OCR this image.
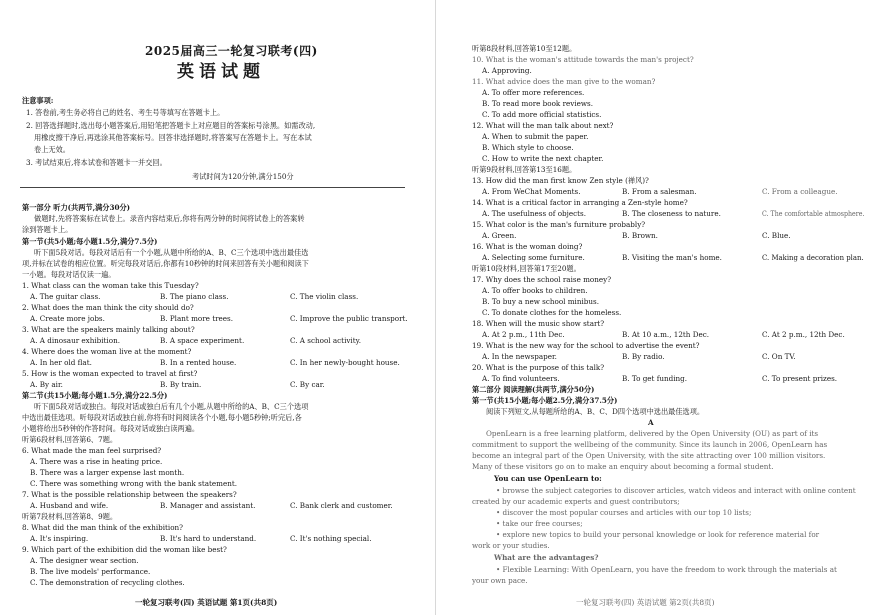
2025届高三一轮复习联考(四)
英语试题
注意事项:
1. 答卷前,考生务必将自己的姓名、考生号等填写在答题卡上。
2. 回答选择题时,选出每小题答案后,用铅笔把答题卡上对应题目的答案标号涂黑。如需改动,
用橡皮擦干净后,再选涂其他答案标号。回答非选择题时,将答案写在答题卡上。写在本试
卷上无效。
3. 考试结束后,将本试卷和答题卡一并交回。
考试时间为120分钟,满分150分
第一部分 听力(共两节,满分30分)
做题时,先将答案标在试卷上。录音内容结束后,你将有两分钟的时间将试卷上的答案转
涂到答题卡上。
第一节(共5小题;每小题1.5分,满分7.5分)
听下面5段对话。每段对话后有一个小题,从题中所给的A、B、C三个选项中选出最佳选
项,并标在试卷的相应位置。听完每段对话后,你都有10秒钟的时间来回答有关小题和阅读下
一小题。每段对话仅读一遍。
1. What class can the woman take this Tuesday?
A. The guitar class.	B. The piano class.	C. The violin class.
2. What does the man think the city should do?
A. Create more jobs.	B. Plant more trees.	C. Improve the public transport.
3. What are the speakers mainly talking about?
A. A dinosaur exhibition.	B. A space experiment.	C. A school activity.
4. Where does the woman live at the moment?
A. In her old flat.	B. In a rented house.	C. In her newly-bought house.
5. How is the woman expected to travel at first?
A. By air.	B. By train.	C. By car.
第二节(共15小题;每小题1.5分,满分22.5分)
听下面5段对话或独白。每段对话或独白后有几个小题,从题中所给的A、B、C三个选项
中选出最佳选项。听每段对话或独白前,你将有时间阅读各个小题,每小题5秒钟;听完后,各
小题将给出5秒钟的作答时间。每段对话或独白读两遍。
听第6段材料,回答第6、7题。
6. What made the man feel surprised?
A. There was a rise in heating price.
B. There was a larger expense last month.
C. There was something wrong with the bank statement.
7. What is the possible relationship between the speakers?
A. Husband and wife.	B. Manager and assistant.	C. Bank clerk and customer.
听第7段材料,回答第8、9题。
8. What did the man think of the exhibition?
A. It's inspiring.	B. It's hard to understand.	C. It's nothing special.
9. Which part of the exhibition did the woman like best?
A. The designer wear section.
B. The live models' performance.
C. The demonstration of recycling clothes.
一轮复习联考(四) 英语试题 第1页(共8页)
听第8段材料,回答第10至12题。
10. What is the woman's attitude towards the man's project?
A. Approving.
11. What advice does the man give to the woman?
A. To offer more references.
B. To read more book reviews.
C. To add more official statistics.
12. What will the man talk about next?
A. When to submit the paper.
B. Which style to choose.
C. How to write the next chapter.
听第9段材料,回答第13至16题。
13. How did the man first know Zen style (禅风)?
A. From WeChat Moments.	B. From a salesman.	C. From a colleague.
14. What is a critical factor in arranging a Zen-style home?
A. The usefulness of objects.	B. The closeness to nature.	C. The comfortable atmosphere.
15. What color is the man's furniture probably?
A. Green.	B. Brown.	C. Blue.
16. What is the woman doing?
A. Selecting some furniture.	B. Visiting the man's home.	C. Making a decoration plan.
听第10段材料,回答第17至20题。
17. Why does the school raise money?
A. To offer books to children.
B. To buy a new school minibus.
C. To donate clothes for the homeless.
18. When will the music show start?
A. At 2 p.m., 11th Dec.	B. At 10 a.m., 12th Dec.	C. At 2 p.m., 12th Dec.
19. What is the new way for the school to advertise the event?
A. In the newspaper.	B. By radio.	C. On TV.
20. What is the purpose of this talk?
A. To find volunteers.	B. To get funding.	C. To present prizes.
第二部分 阅读理解(共两节,满分50分)
第一节(共15小题;每小题2.5分,满分37.5分)
阅读下列短文,从每题所给的A、B、C、D四个选项中选出最佳选项。
A
OpenLearn is a free learning platform, delivered by the Open University (OU) as part of its
commitment to support the wellbeing of the community. Since its launch in 2006, OpenLearn has
become an integral part of the Open University, with the site attracting over 100 million visitors.
Many of these visitors go on to make an enquiry about becoming a formal student.
You can use OpenLearn to:
• browse the subject categories to discover articles, watch videos and interact with online content
created by our academic experts and guest contributors;
• discover the most popular courses and articles with our top 10 lists;
• take our free courses;
• explore new topics to build your personal knowledge or look for reference material for
work or your studies.
What are the advantages?
• Flexible Learning: With OpenLearn, you have the freedom to work through the materials at
your own pace.
一轮复习联考(四) 英语试题 第2页(共8页)
